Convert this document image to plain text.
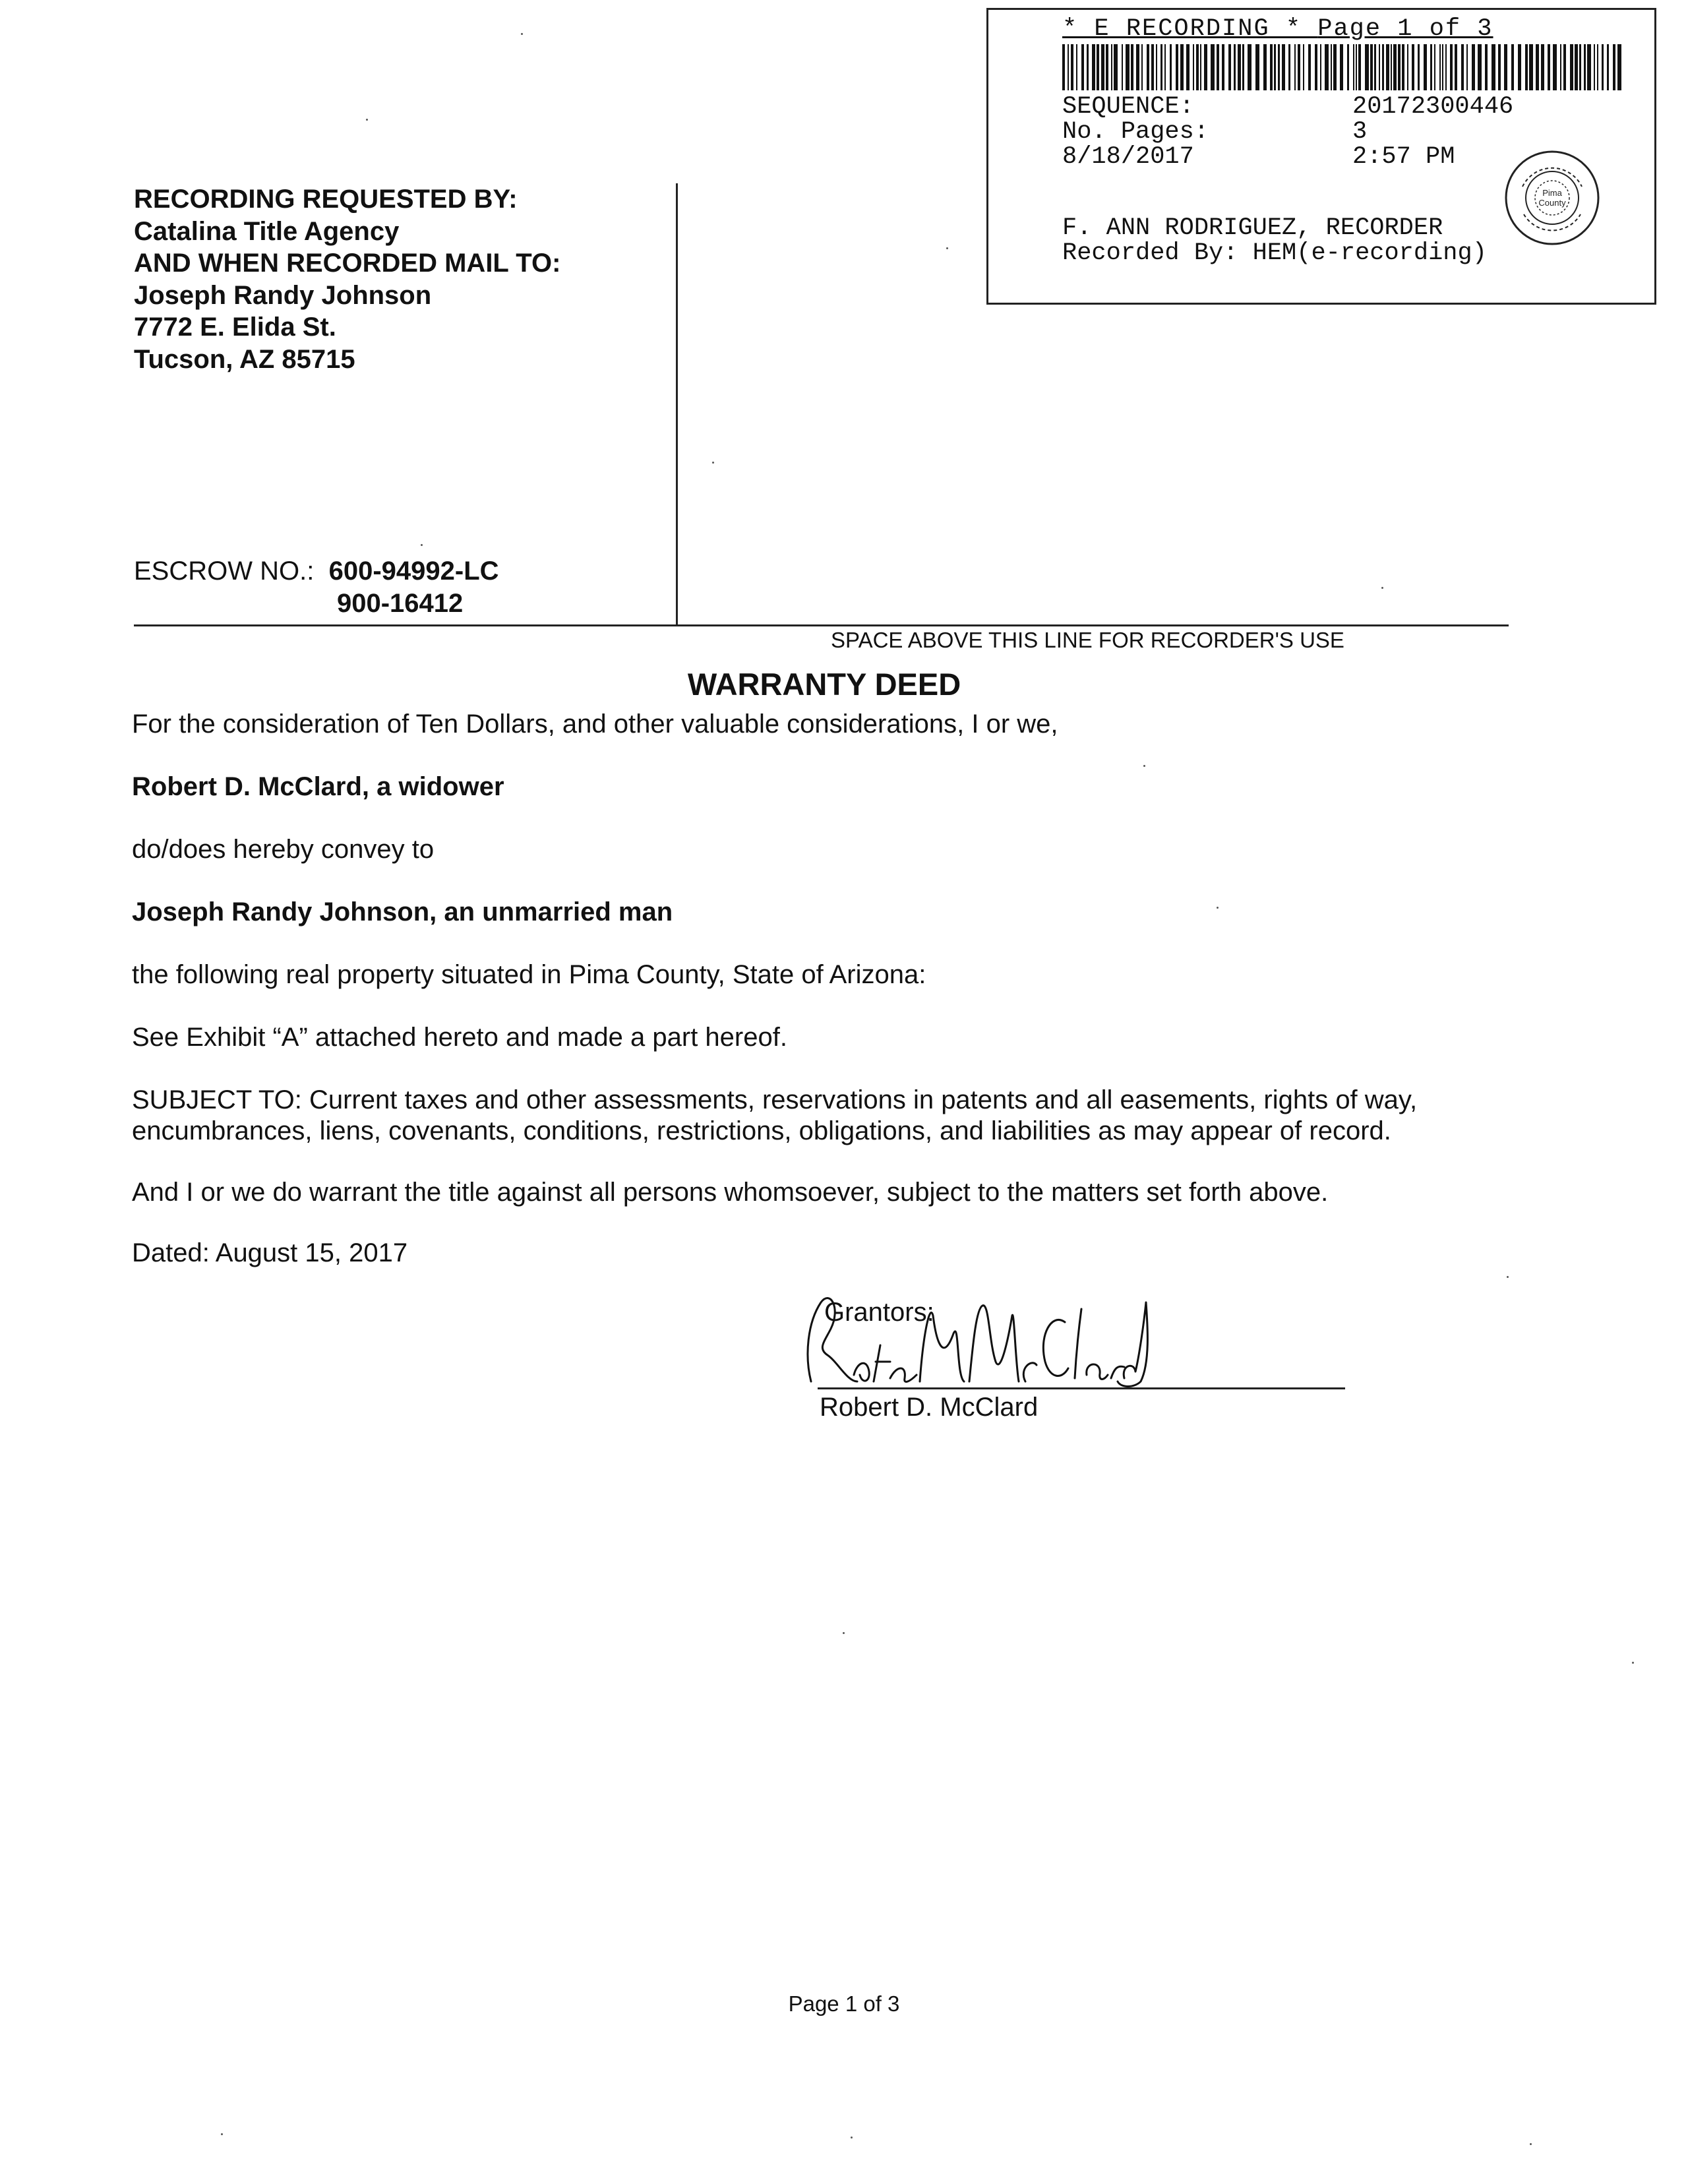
* E RECORDING * Page 1 of 3
SEQUENCE:	20172300446
No. Pages:	3
8/18/2017	2:57 PM
F. ANN RODRIGUEZ, RECORDER
Recorded By: HEM(e-recording)
Pima
County
RECORDING REQUESTED BY:
Catalina Title Agency
AND WHEN RECORDED MAIL TO:
Joseph Randy Johnson
7772 E. Elida St.
Tucson, AZ 85715
ESCROW NO.: 600-94992-LC
900-16412
SPACE ABOVE THIS LINE FOR RECORDER'S USE
WARRANTY DEED
For the consideration of Ten Dollars, and other valuable considerations, I or we,
Robert D. McClard, a widower
do/does hereby convey to
Joseph Randy Johnson, an unmarried man
the following real property situated in Pima County, State of Arizona:
See Exhibit “A” attached hereto and made a part hereof.
SUBJECT TO: Current taxes and other assessments, reservations in patents and all easements, rights of way,
encumbrances, liens, covenants, conditions, restrictions, obligations, and liabilities as may appear of record.
And I or we do warrant the title against all persons whomsoever, subject to the matters set forth above.
Dated: August 15, 2017
Grantors:
Robert D. McClard
Page 1 of 3
